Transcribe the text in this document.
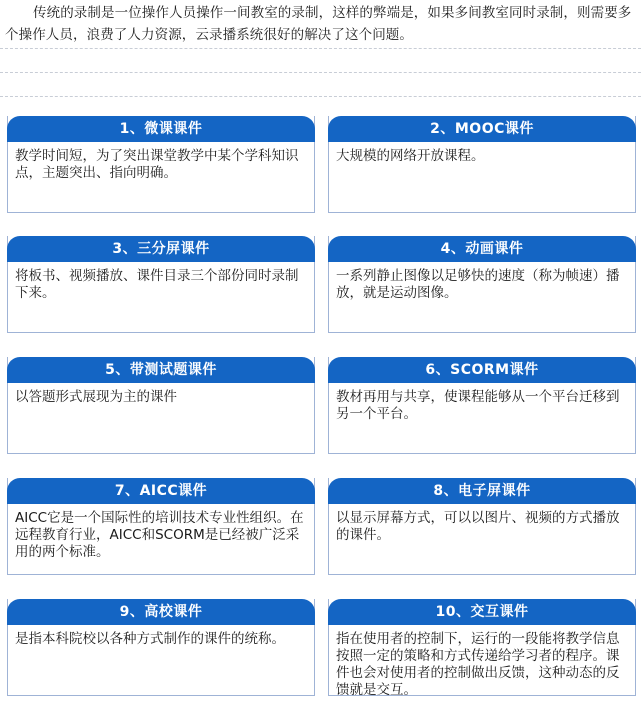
传统的录制是一位操作人员操作一间教室的录制，这样的弊端是，如果多间教室同时录制，则需要多个操作人员，浪费了人力资源，云录播系统很好的解决了这个问题。

1、微课课件
教学时间短，为了突出课堂教学中某个学科知识点，主题突出、指向明确。
2、MOOC课件
大规模的网络开放课程。
3、三分屏课件
将板书、视频播放、课件目录三个部份同时录制下来。
4、动画课件
一系列静止图像以足够快的速度（称为帧速）播放，就是运动图像。
5、带测试题课件
以答题形式展现为主的课件
6、SCORM课件
教材再用与共享，使课程能够从一个平台迁移到另一个平台。
7、AICC课件
AICC它是一个国际性的培训技术专业性组织。在远程教育行业，AICC和SCORM是已经被广泛采用的两个标准。
8、电子屏课件
以显示屏幕方式，可以以图片、视频的方式播放的课件。
9、高校课件
是指本科院校以各种方式制作的课件的统称。
10、交互课件
指在使用者的控制下，运行的一段能将教学信息按照一定的策略和方式传递给学习者的程序。课件也会对使用者的控制做出反馈，这种动态的反馈就是交互。
